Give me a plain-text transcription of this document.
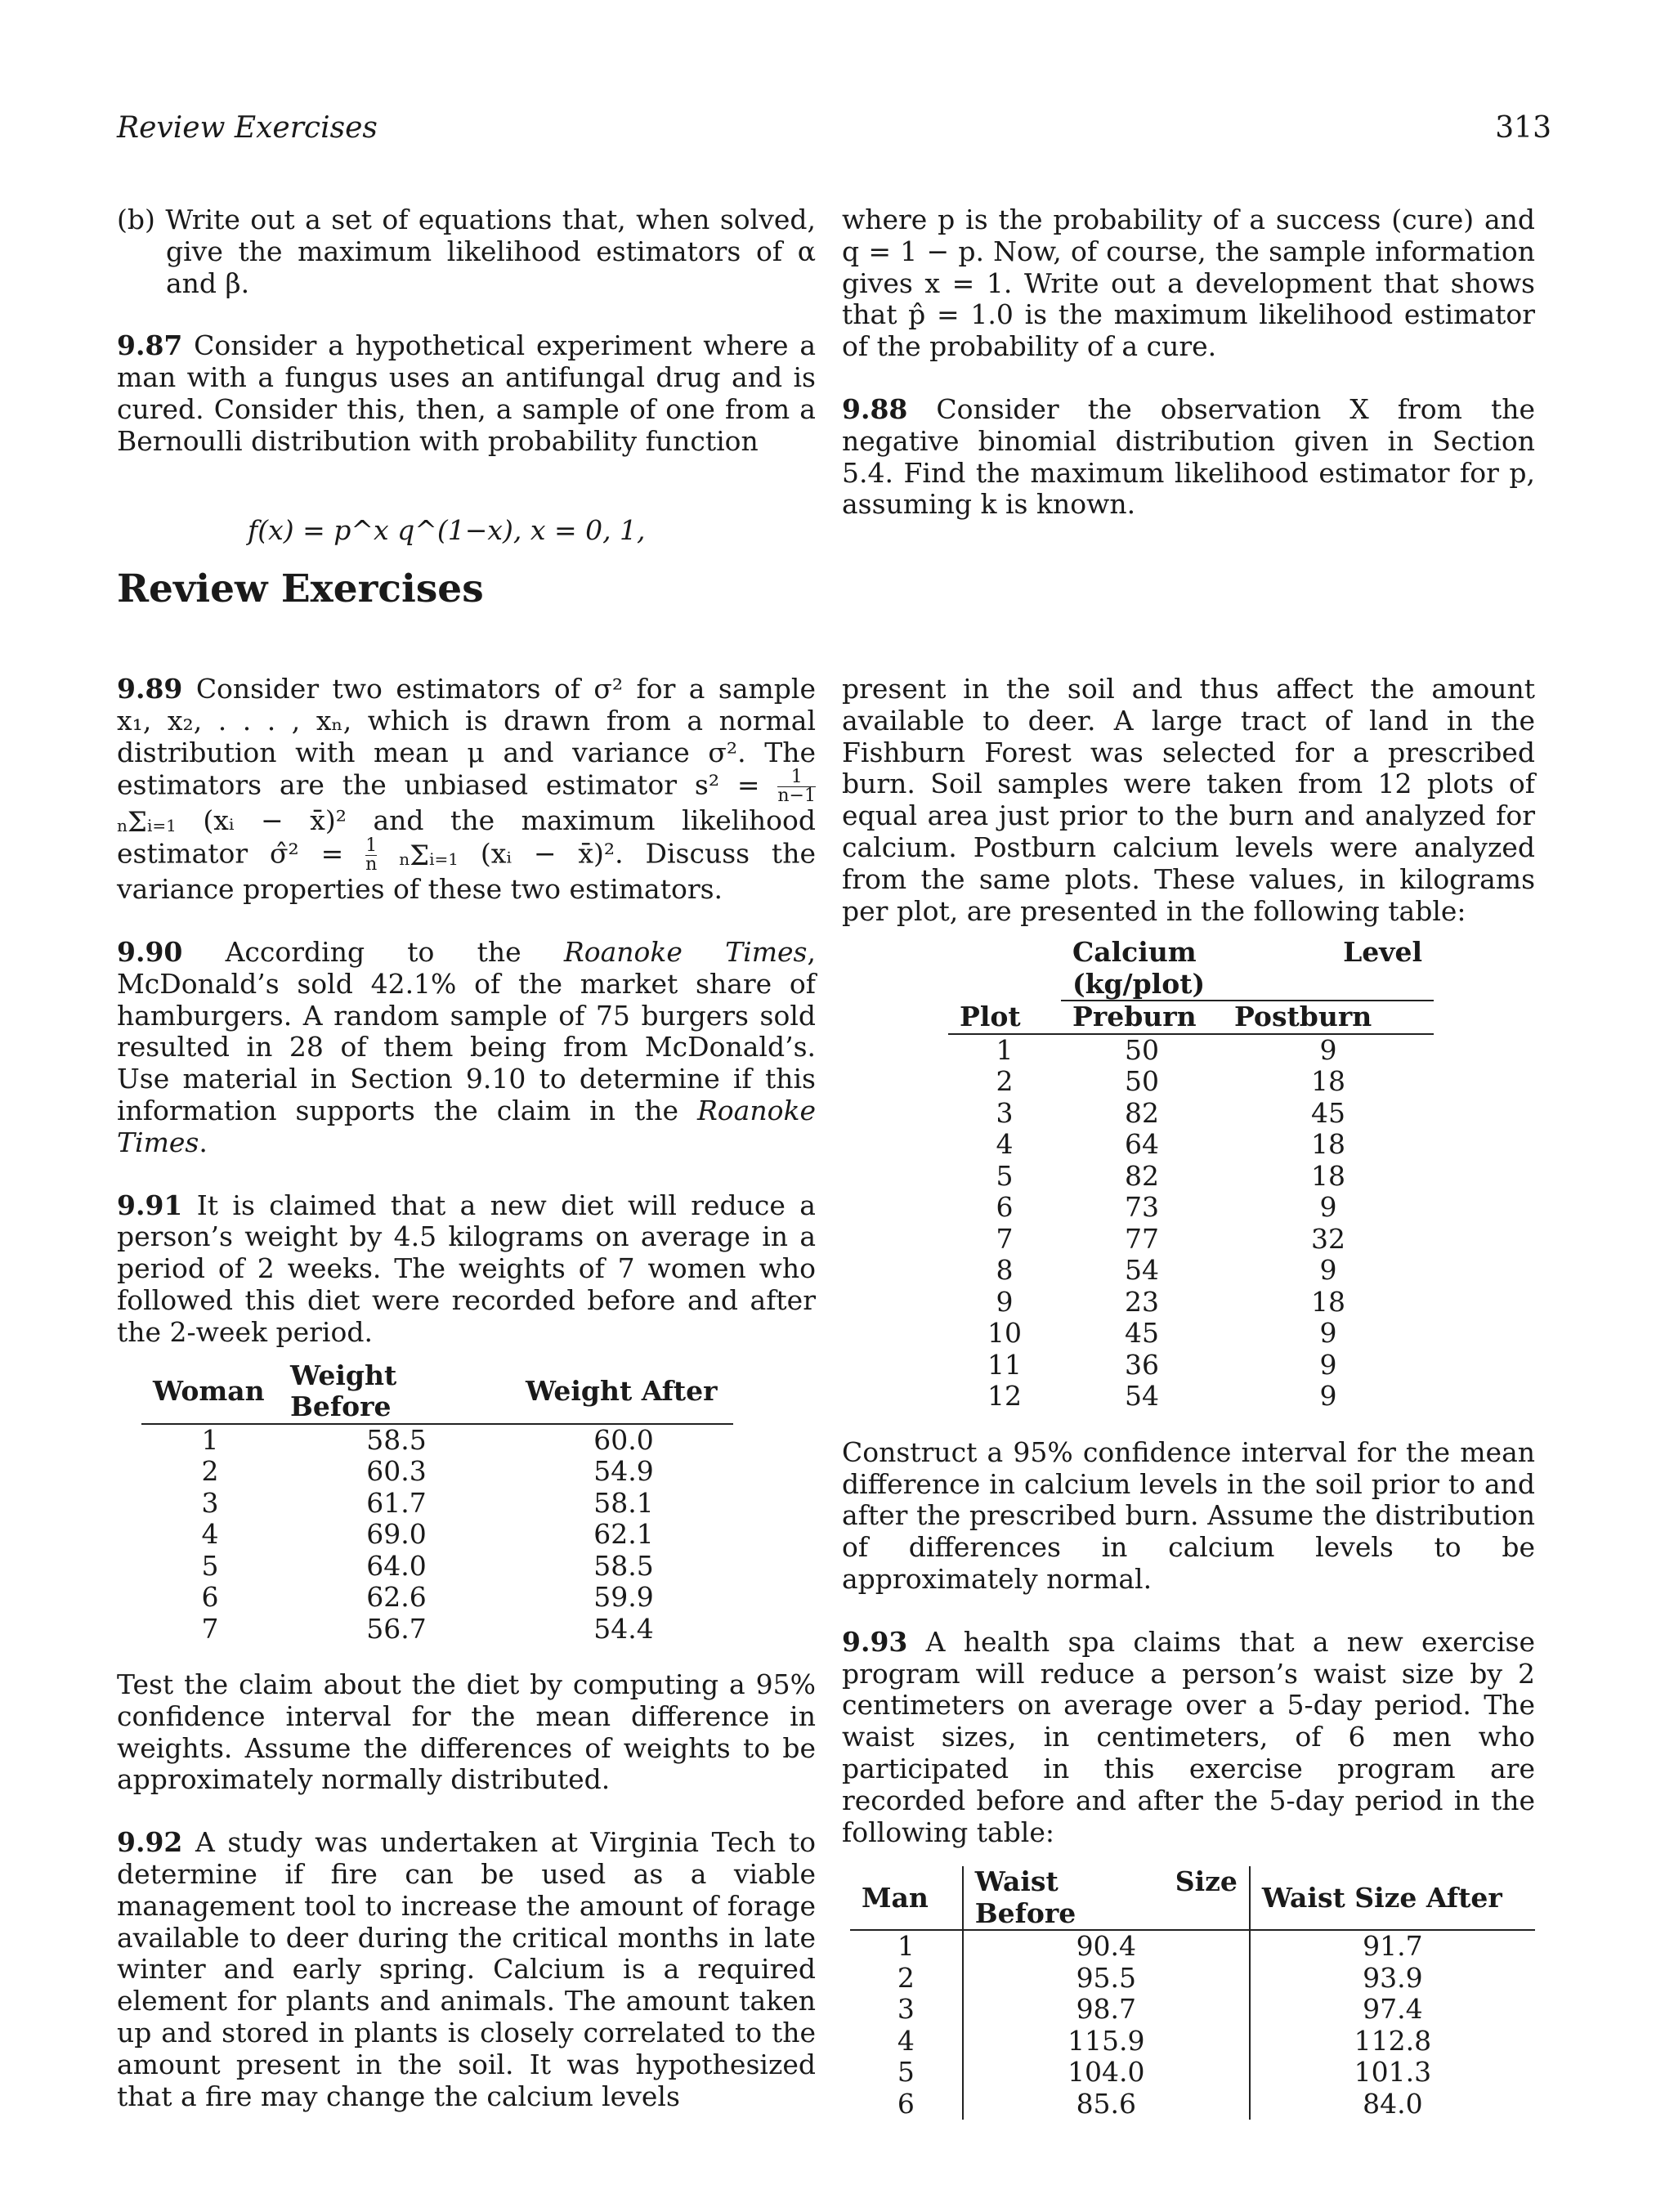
Review Exercises	313

(b) Write out a set of equations that, when solved, give the maximum likelihood estimators of α and β.

9.87 Consider a hypothetical experiment where a man with a fungus uses an antifungal drug and is cured. Consider this, then, a sample of one from a Bernoulli distribution with probability function

f(x) = p^x q^(1−x), x = 0, 1,

where p is the probability of a success (cure) and q = 1 − p. Now, of course, the sample information gives x = 1. Write out a development that shows that p̂ = 1.0 is the maximum likelihood estimator of the probability of a cure.

9.88 Consider the observation X from the negative binomial distribution given in Section 5.4. Find the maximum likelihood estimator for p, assuming k is known.

Review Exercises

9.89 Consider two estimators of σ² for a sample x₁, x₂, . . . , xₙ, which is drawn from a normal distribution with mean μ and variance σ². The estimators are the unbiased estimator $s^2 = \frac{1}{n-1}$
nΣi=1 (xᵢ − x̄)² and the maximum likelihood estimator σ̂² = $\frac{1}{n} n\Sigma i=1$ (xᵢ − x̄)². Discuss the variance properties of these two estimators.

9.90 According to the Roanoke Times, McDonald’s sold 42.1% of the market share of hamburgers. A random sample of 75 burgers sold resulted in 28 of them being from McDonald’s. Use material in Section 9.10 to determine if this information supports the claim in the Roanoke Times.

9.91 It is claimed that a new diet will reduce a person’s weight by 4.5 kilograms on average in a period of 2 weeks. The weights of 7 women who followed this diet were recorded before and after the 2-week period.

Woman	Weight Before	Weight After
1	58.5	60.0
2	60.3	54.9
3	61.7	58.1
4	69.0	62.1
5	64.0	58.5
6	62.6	59.9
7	56.7	54.4

Test the claim about the diet by computing a 95% confidence interval for the mean difference in weights. Assume the differences of weights to be approximately normally distributed.

9.92 A study was undertaken at Virginia Tech to determine if fire can be used as a viable management tool to increase the amount of forage available to deer during the critical months in late winter and early spring. Calcium is a required element for plants and animals. The amount taken up and stored in plants is closely correlated to the amount present in the soil. It was hypothesized that a fire may change the calcium levels

present in the soil and thus affect the amount available to deer. A large tract of land in the Fishburn Forest was selected for a prescribed burn. Soil samples were taken from 12 plots of equal area just prior to the burn and analyzed for calcium. Postburn calcium levels were analyzed from the same plots. These values, in kilograms per plot, are presented in the following table:

	Calcium Level (kg/plot)	
Plot	Preburn	Postburn
1	50	9
2	50	18
3	82	45
4	64	18
5	82	18
6	73	9
7	77	32
8	54	9
9	23	18
10	45	9
11	36	9
12	54	9

Construct a 95% confidence interval for the mean difference in calcium levels in the soil prior to and after the prescribed burn. Assume the distribution of differences in calcium levels to be approximately normal.

9.93 A health spa claims that a new exercise program will reduce a person’s waist size by 2 centimeters on average over a 5-day period. The waist sizes, in centimeters, of 6 men who participated in this exercise program are recorded before and after the 5-day period in the following table:

Man	Waist Size Before	Waist Size After
1	90.4	91.7
2	95.5	93.9
3	98.7	97.4
4	115.9	112.8
5	104.0	101.3
6	85.6	84.0
